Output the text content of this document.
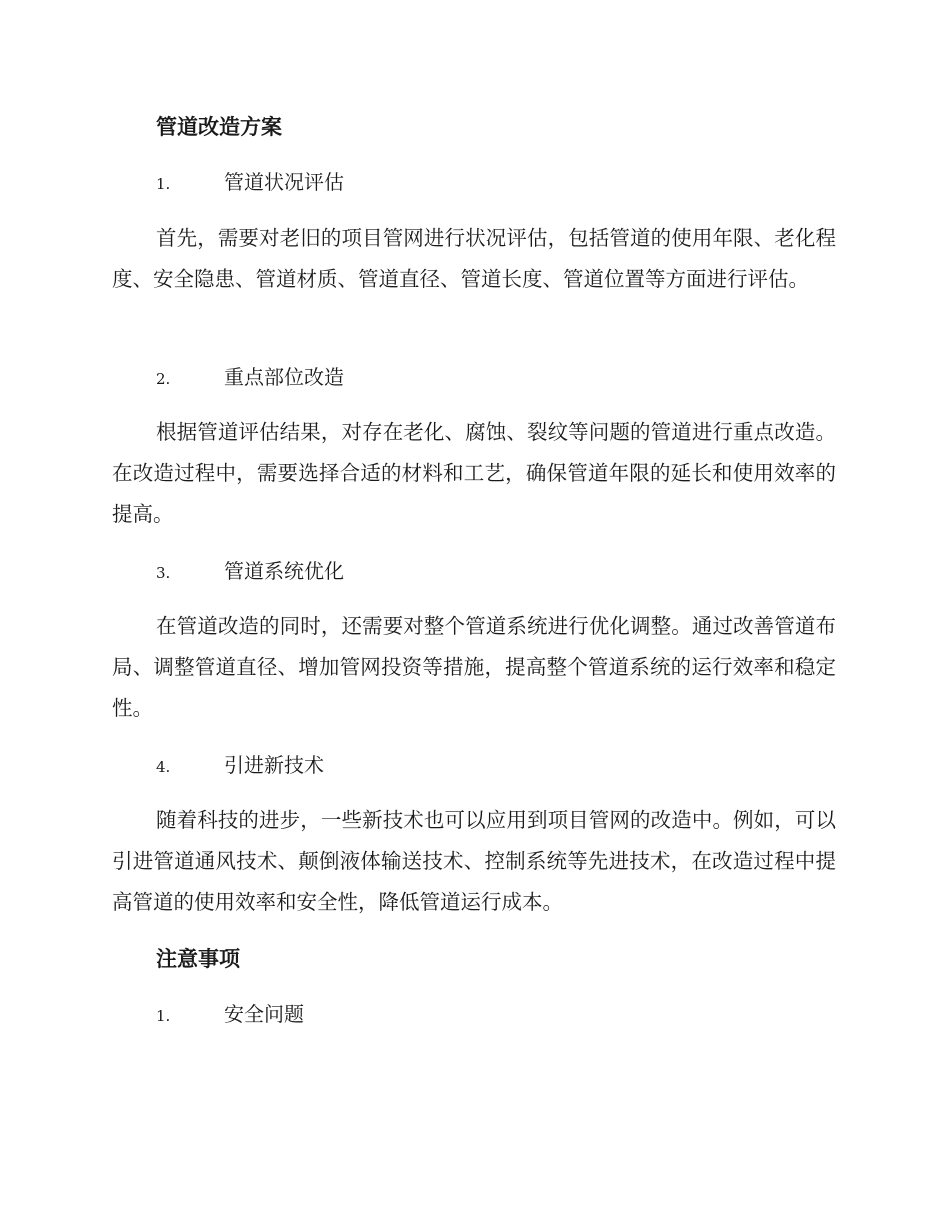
管道改造方案
1.	管道状况评估

首先，需要对老旧的项目管网进行状况评估，包括管道的使用年限、老化程度、安全隐患、管道材质、管道直径、管道长度、管道位置等方面进行评估。

2.	重点部位改造

根据管道评估结果，对存在老化、腐蚀、裂纹等问题的管道进行重点改造。在改造过程中，需要选择合适的材料和工艺，确保管道年限的延长和使用效率的提高。

3.	管道系统优化

在管道改造的同时，还需要对整个管道系统进行优化调整。通过改善管道布局、调整管道直径、增加管网投资等措施，提高整个管道系统的运行效率和稳定性。

4.	引进新技术

随着科技的进步，一些新技术也可以应用到项目管网的改造中。例如，可以引进管道通风技术、颠倒液体输送技术、控制系统等先进技术，在改造过程中提高管道的使用效率和安全性，降低管道运行成本。

注意事项
1.	安全问题
